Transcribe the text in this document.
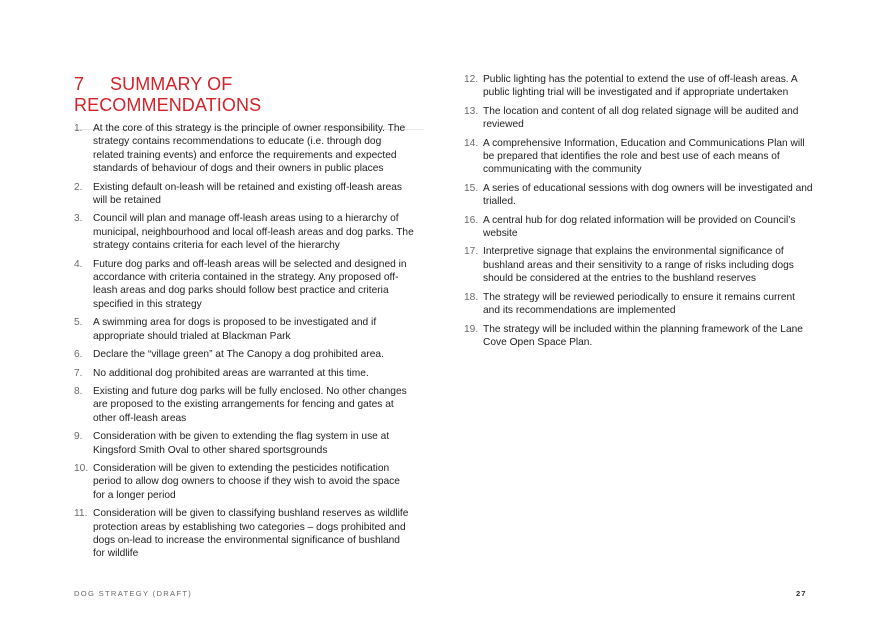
7 SUMMARY OF RECOMMENDATIONS
1.	At the core of this strategy is the principle of owner responsibility. The strategy contains recommendations to educate (i.e. through dog related training events) and enforce the requirements and expected standards of behaviour of dogs and their owners in public places
2.	Existing default on-leash will be retained and existing off-leash areas will be retained
3.	Council will plan and manage off-leash areas using to a hierarchy of municipal, neighbourhood and local off-leash areas and dog parks. The strategy contains criteria for each level of the hierarchy
4.	Future dog parks and off-leash areas will be selected and designed in accordance with criteria contained in the strategy. Any proposed off-leash areas and dog parks should follow best practice and criteria specified in this strategy
5.	A swimming area for dogs is proposed to be investigated and if appropriate should trialed at Blackman Park
6.	Declare the “village green” at The Canopy a dog prohibited area.
7.	No additional dog prohibited areas are warranted at this time.
8.	Existing and future dog parks will be fully enclosed. No other changes are proposed to the existing arrangements for fencing and gates at other off-leash areas
9.	Consideration with be given to extending the flag system in use at Kingsford Smith Oval to other shared sportsgrounds
10. Consideration will be given to extending the pesticides notification period to allow dog owners to choose if they wish to avoid the space for a longer period
11. Consideration will be given to classifying bushland reserves as wildlife protection areas by establishing two categories – dogs prohibited and dogs on-lead to increase the environmental significance of bushland for wildlife
12. Public lighting has the potential to extend the use of off-leash areas. A public lighting trial will be investigated and if appropriate undertaken
13. The location and content of all dog related signage will be audited and reviewed
14. A comprehensive Information, Education and Communications Plan will be prepared that identifies the role and best use of each means of communicating with the community
15. A series of educational sessions with dog owners will be investigated and trialled.
16. A central hub for dog related information will be provided on Council’s website
17. Interpretive signage that explains the environmental significance of bushland areas and their sensitivity to a range of risks including dogs should be considered at the entries to the bushland reserves
18. The strategy will be reviewed periodically to ensure it remains current and its recommendations are implemented
19. The strategy will be included within the planning framework of the Lane Cove Open Space Plan.
DOG STRATEGY (DRAFT)	27
